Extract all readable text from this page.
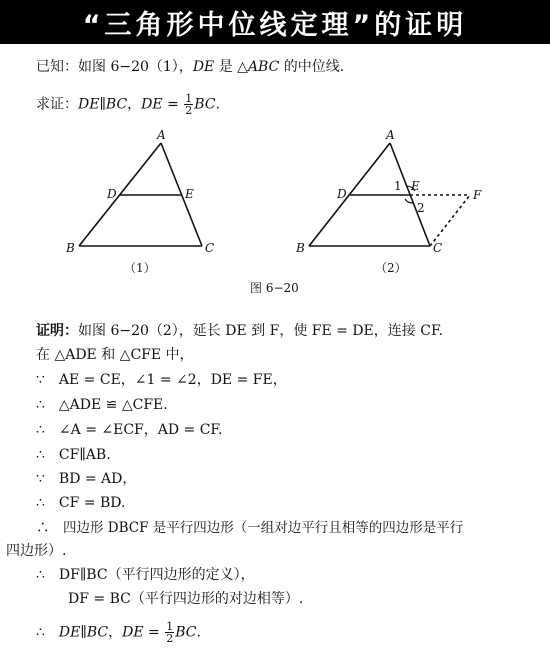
“三角形中位线定理”的证明
已知：如图 6−20（1），DE 是 △ABC 的中位线.
求证：DE∥BC，DE = $\frac{1}{2}$ BC.
A
D	E
B	C
（1）
A
D
1 E
2
F
B	C
（2）
图 6−20
证明：如图 6−20（2），延长 DE 到 F，使 FE = DE，连接 CF.
在 △ADE 和 △CFE 中，
∵　AE = CE，∠1 = ∠2，DE = FE，
∴　△ADE ≌ △CFE.
∴　∠A = ∠ECF，AD = CF.
∴　CF∥AB.
∵　BD = AD，
∴　CF = BD.
∴　四边形 DBCF 是平行四边形（一组对边平行且相等的四边形是平行
四边形）.
∴　DF∥BC（平行四边形的定义），
DF = BC（平行四边形的对边相等）.
∴　DE∥BC，DE = $\frac{1}{2}$ BC.
